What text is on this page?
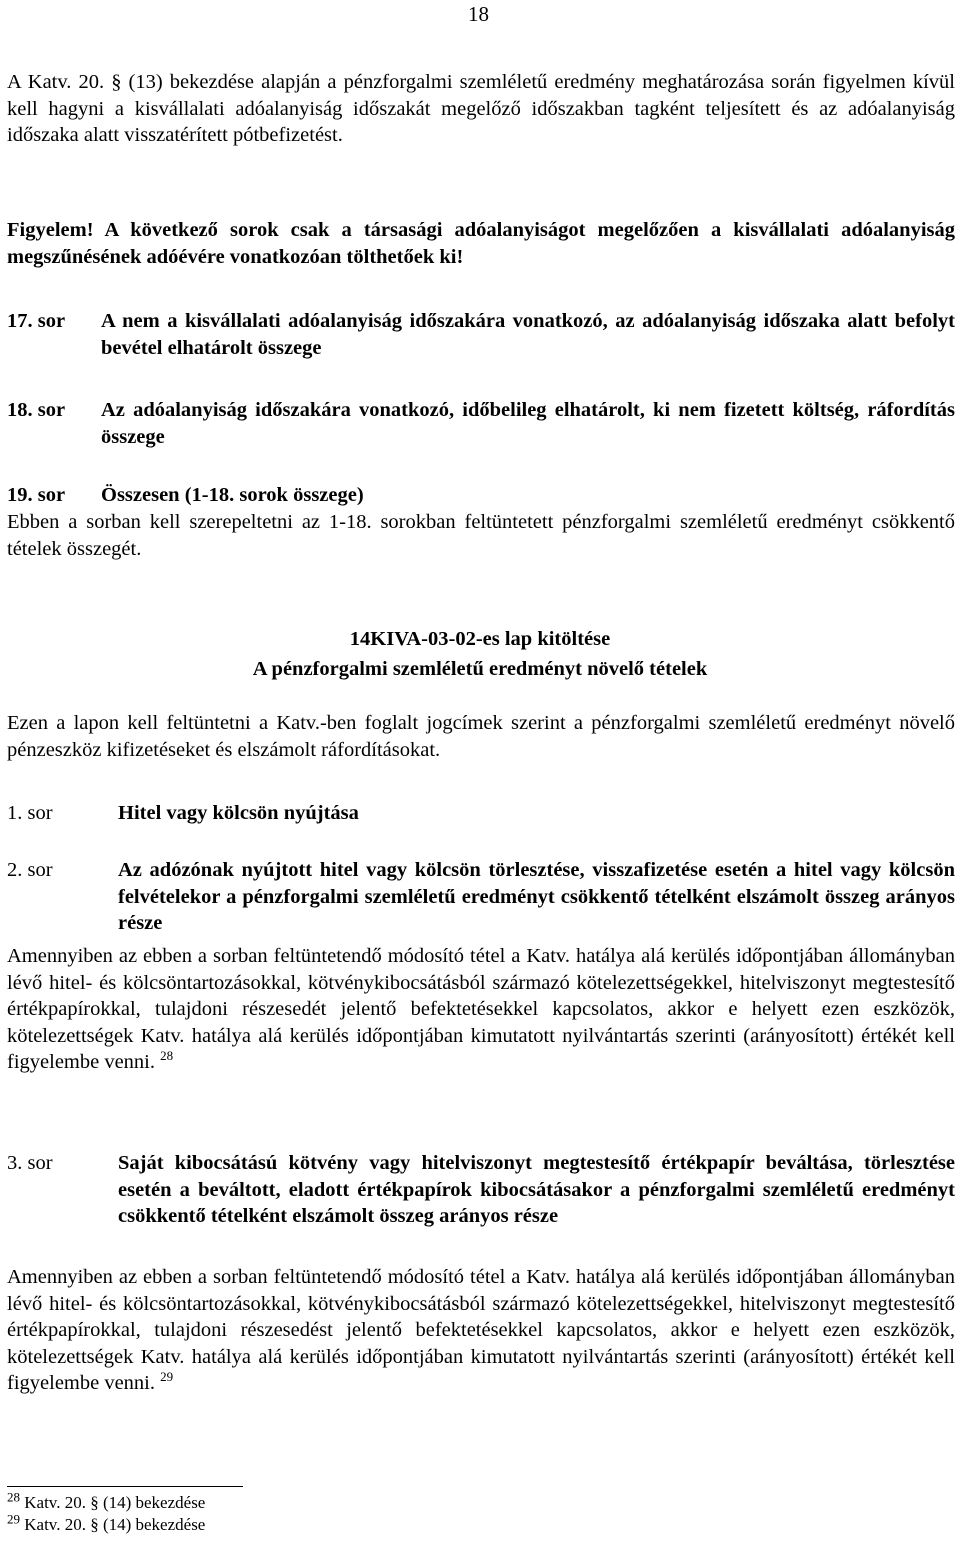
18
A Katv. 20. § (13) bekezdése alapján a pénzforgalmi szemléletű eredmény meghatározása során figyelmen kívül kell hagyni a kisvállalati adóalanyiság időszakát megelőző időszakban tagként teljesített és az adóalanyiság időszaka alatt visszatérített pótbefizetést.
Figyelem! A következő sorok csak a társasági adóalanyiságot megelőzően a kisvállalati adóalanyiság megszűnésének adóévére vonatkozóan tölthetőek ki!
17. sor A nem a kisvállalati adóalanyiság időszakára vonatkozó, az adóalanyiság időszaka alatt befolyt bevétel elhatárolt összege
18. sor Az adóalanyiság időszakára vonatkozó, időbelileg elhatárolt, ki nem fizetett költség, ráfordítás összege
19. sor Összesen (1-18. sorok összege)
Ebben a sorban kell szerepeltetni az 1-18. sorokban feltüntetett pénzforgalmi szemléletű eredményt csökkentő tételek összegét.
14KIVA-03-02-es lap kitöltése
A pénzforgalmi szemléletű eredményt növelő tételek
Ezen a lapon kell feltüntetni a Katv.-ben foglalt jogcímek szerint a pénzforgalmi szemléletű eredményt növelő pénzeszköz kifizetéseket és elszámolt ráfordításokat.
1. sor	Hitel vagy kölcsön nyújtása
2. sor	Az adózónak nyújtott hitel vagy kölcsön törlesztése, visszafizetése esetén a hitel vagy kölcsön felvételekor a pénzforgalmi szemléletű eredményt csökkentő tételként elszámolt összeg arányos része
Amennyiben az ebben a sorban feltüntetendő módosító tétel a Katv. hatálya alá kerülés időpontjában állományban lévő hitel- és kölcsöntartozásokkal, kötvénykibocsátásból származó kötelezettségekkel, hitelviszonyt megtestesítő értékpapírokkal, tulajdoni részesedét jelentő befektetésekkel kapcsolatos, akkor e helyett ezen eszközök, kötelezettségek Katv. hatálya alá kerülés időpontjában kimutatott nyilvántartás szerinti (arányosított) értékét kell figyelembe venni. $^{28}$
3. sor	Saját kibocsátású kötvény vagy hitelviszonyt megtestesítő értékpapír beváltása, törlesztése esetén a beváltott, eladott értékpapírok kibocsátásakor a pénzforgalmi szemléletű eredményt csökkentő tételként elszámolt összeg arányos része
Amennyiben az ebben a sorban feltüntetendő módosító tétel a Katv. hatálya alá kerülés időpontjában állományban lévő hitel- és kölcsöntartozásokkal, kötvénykibocsátásból származó kötelezettségekkel, hitelviszonyt megtestesítő értékpapírokkal, tulajdoni részesedést jelentő befektetésekkel kapcsolatos, akkor e helyett ezen eszközök, kötelezettségek Katv. hatálya alá kerülés időpontjában kimutatott nyilvántartás szerinti (arányosított) értékét kell figyelembe venni. $^{29}$
$^{28}$ Katv. 20. § (14) bekezdése
$^{29}$ Katv. 20. § (14) bekezdése
